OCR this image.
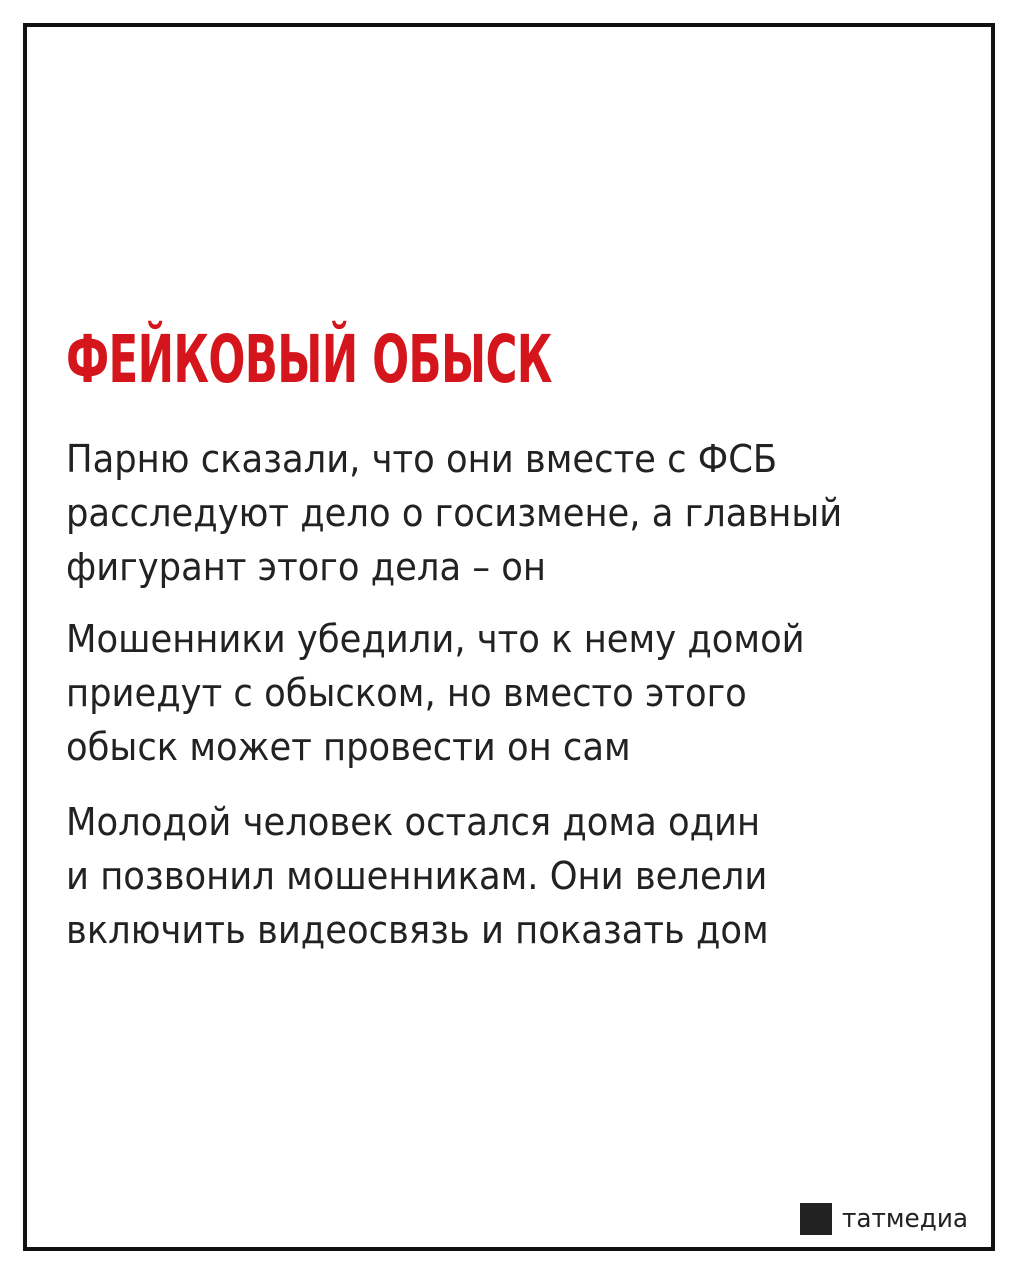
ФЕЙКОВЫЙ ОБЫСК

Парню сказали, что они вместе с ФСБ
расследуют дело о госизмене, а главный
фигурант этого дела – он

Мошенники убедили, что к нему домой
приедут с обыском, но вместо этого
обыск может провести он сам

Молодой человек остался дома один
и позвонил мошенникам. Они велели
включить видеосвязь и показать дом

татмедиа
